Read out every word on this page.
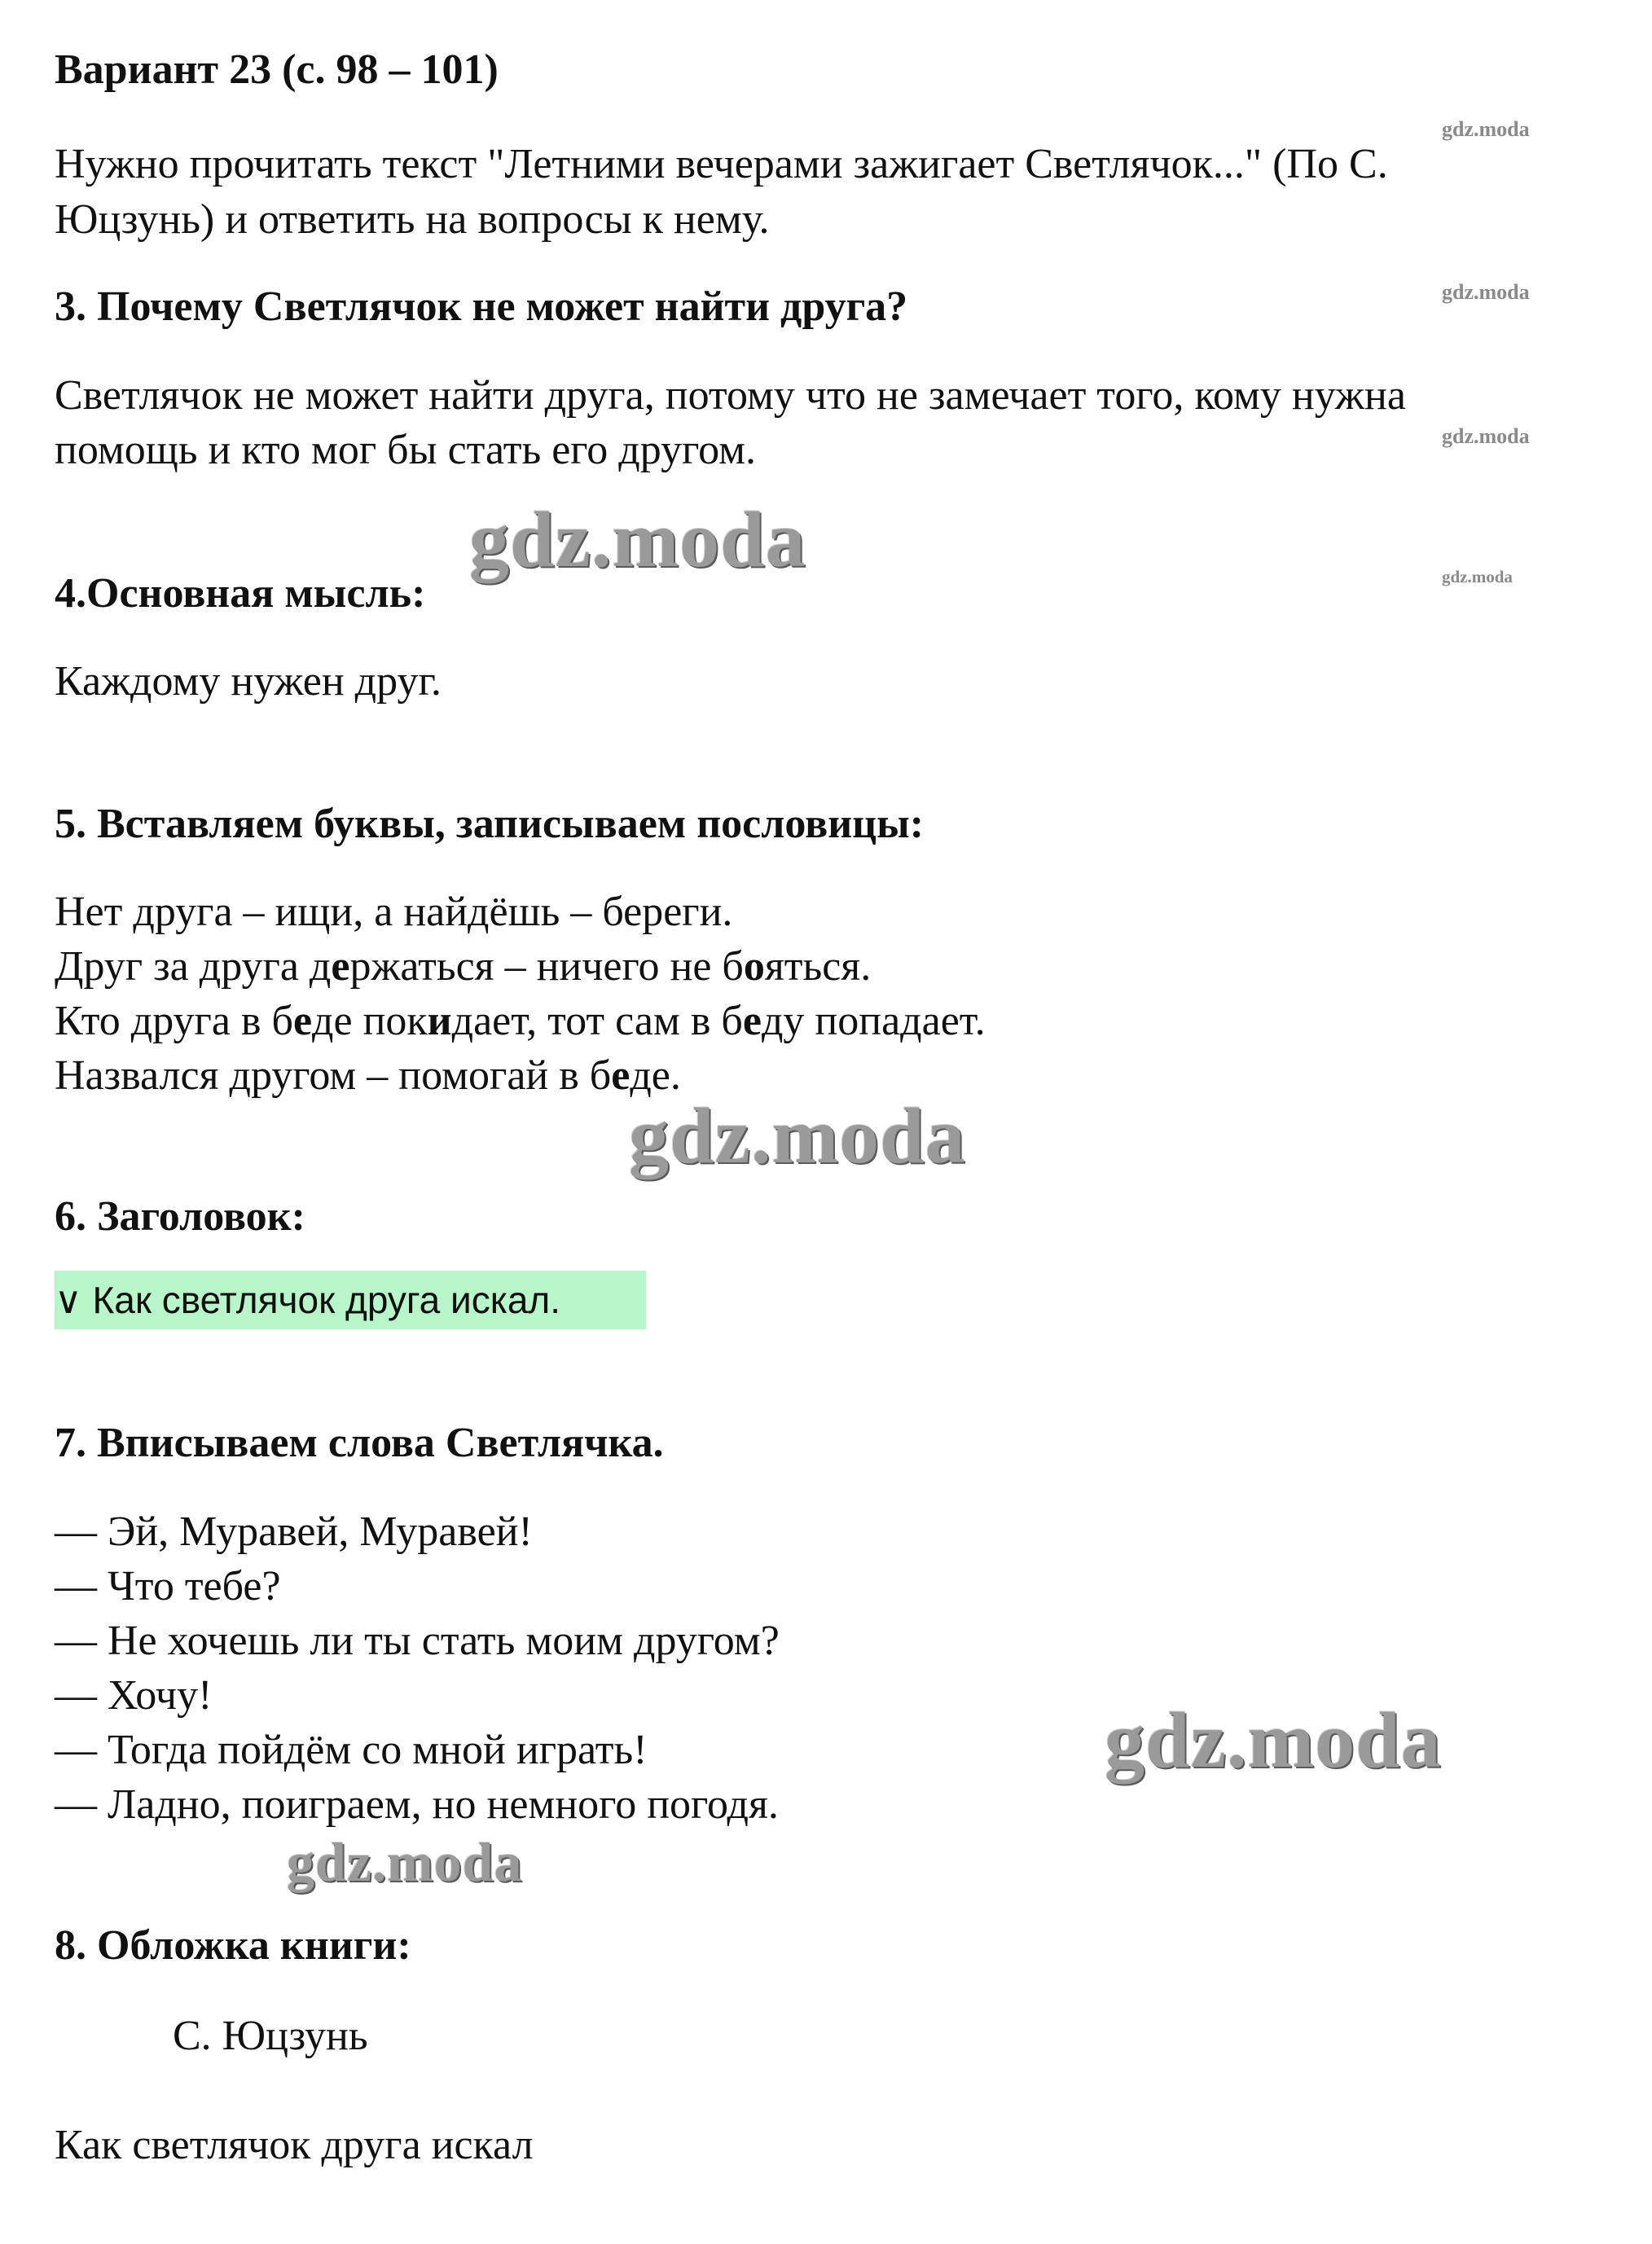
Вариант 23 (с. 98 – 101)
Нужно прочитать текст "Летними вечерами зажигает Светлячок..." (По С.
Юцзунь) и ответить на вопросы к нему.
3. Почему Светлячок не может найти друга?
Светлячок не может найти друга, потому что не замечает того, кому нужна
помощь и кто мог бы стать его другом.
4.Основная мысль:
Каждому нужен друг.
5. Вставляем буквы, записываем пословицы:
Нет друга – ищи, а найдёшь – береги.
Друг за друга держаться – ничего не бояться.
Кто друга в беде покидает, тот сам в беду попадает.
Назвался другом – помогай в беде.
6. Заголовок:
∨ Как светлячок друга искал.
7. Вписываем слова Светлячка.
— Эй, Муравей, Муравей!
— Что тебе?
— Не хочешь ли ты стать моим другом?
— Хочу!
— Тогда пойдём со мной играть!
— Ладно, поиграем, но немного погодя.
8. Обложка книги:
С. Юцзунь
Как светлячок друга искал
gdz.moda
gdz.moda
gdz.moda
gdz.moda
gdz.moda
gdz.moda
gdz.moda
gdz.moda
